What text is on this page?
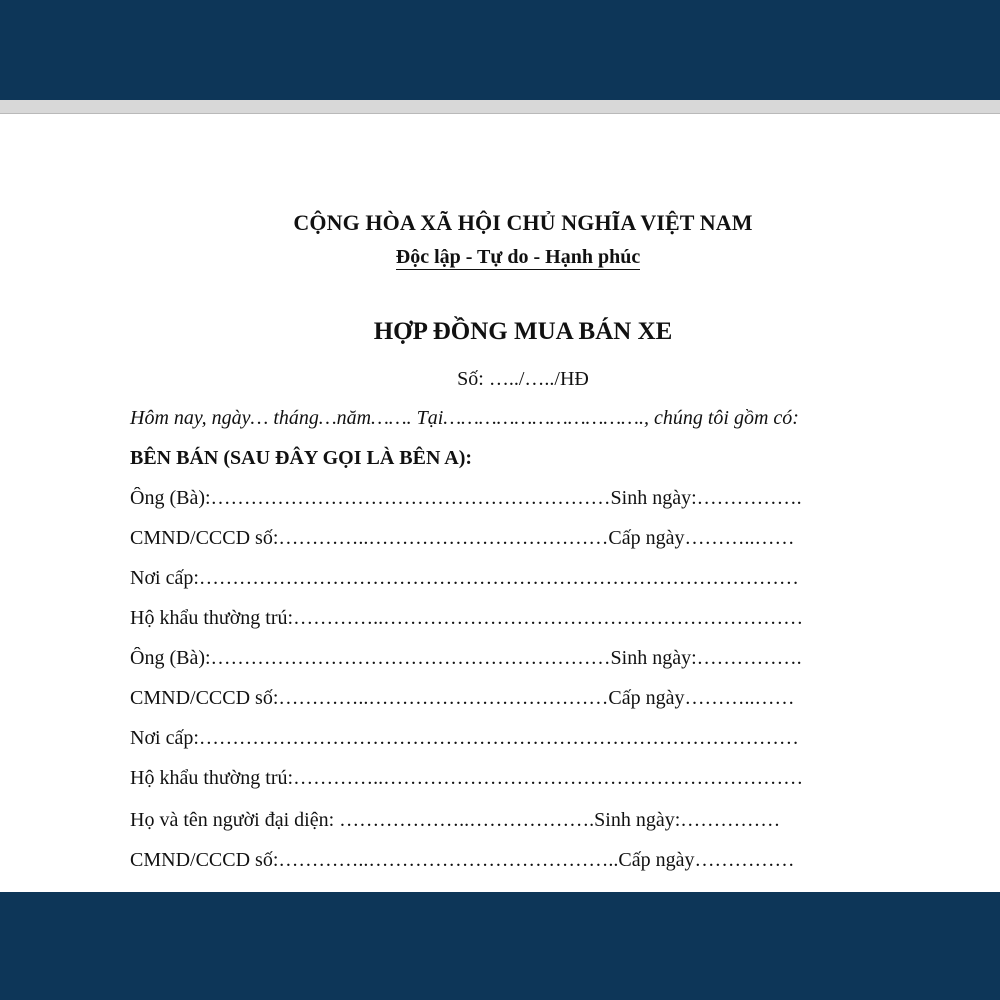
CỘNG HÒA XÃ HỘI CHỦ NGHĨA VIỆT NAM
Độc lập - Tự do - Hạnh phúc
HỢP ĐỒNG MUA BÁN XE
Số: …../…../HĐ
Hôm nay, ngày… tháng…năm……. Tại……………………………., chúng tôi gồm có:
BÊN BÁN (SAU ĐÂY GỌI LÀ BÊN A):
Ông (Bà):……………………………………………………Sinh ngày:…………….
CMND/CCCD số:…………..………………………………Cấp ngày………..……
Nơi cấp:………………………………………………………………………………
Hộ khẩu thường trú:…………..………………………………………………………
Ông (Bà):……………………………………………………Sinh ngày:…………….
CMND/CCCD số:…………..………………………………Cấp ngày………..……
Nơi cấp:………………………………………………………………………………
Hộ khẩu thường trú:…………..………………………………………………………
Họ và tên người đại diện: ………………..……………….Sinh ngày:……………
CMND/CCCD số:…………..………………………………..Cấp ngày……………
